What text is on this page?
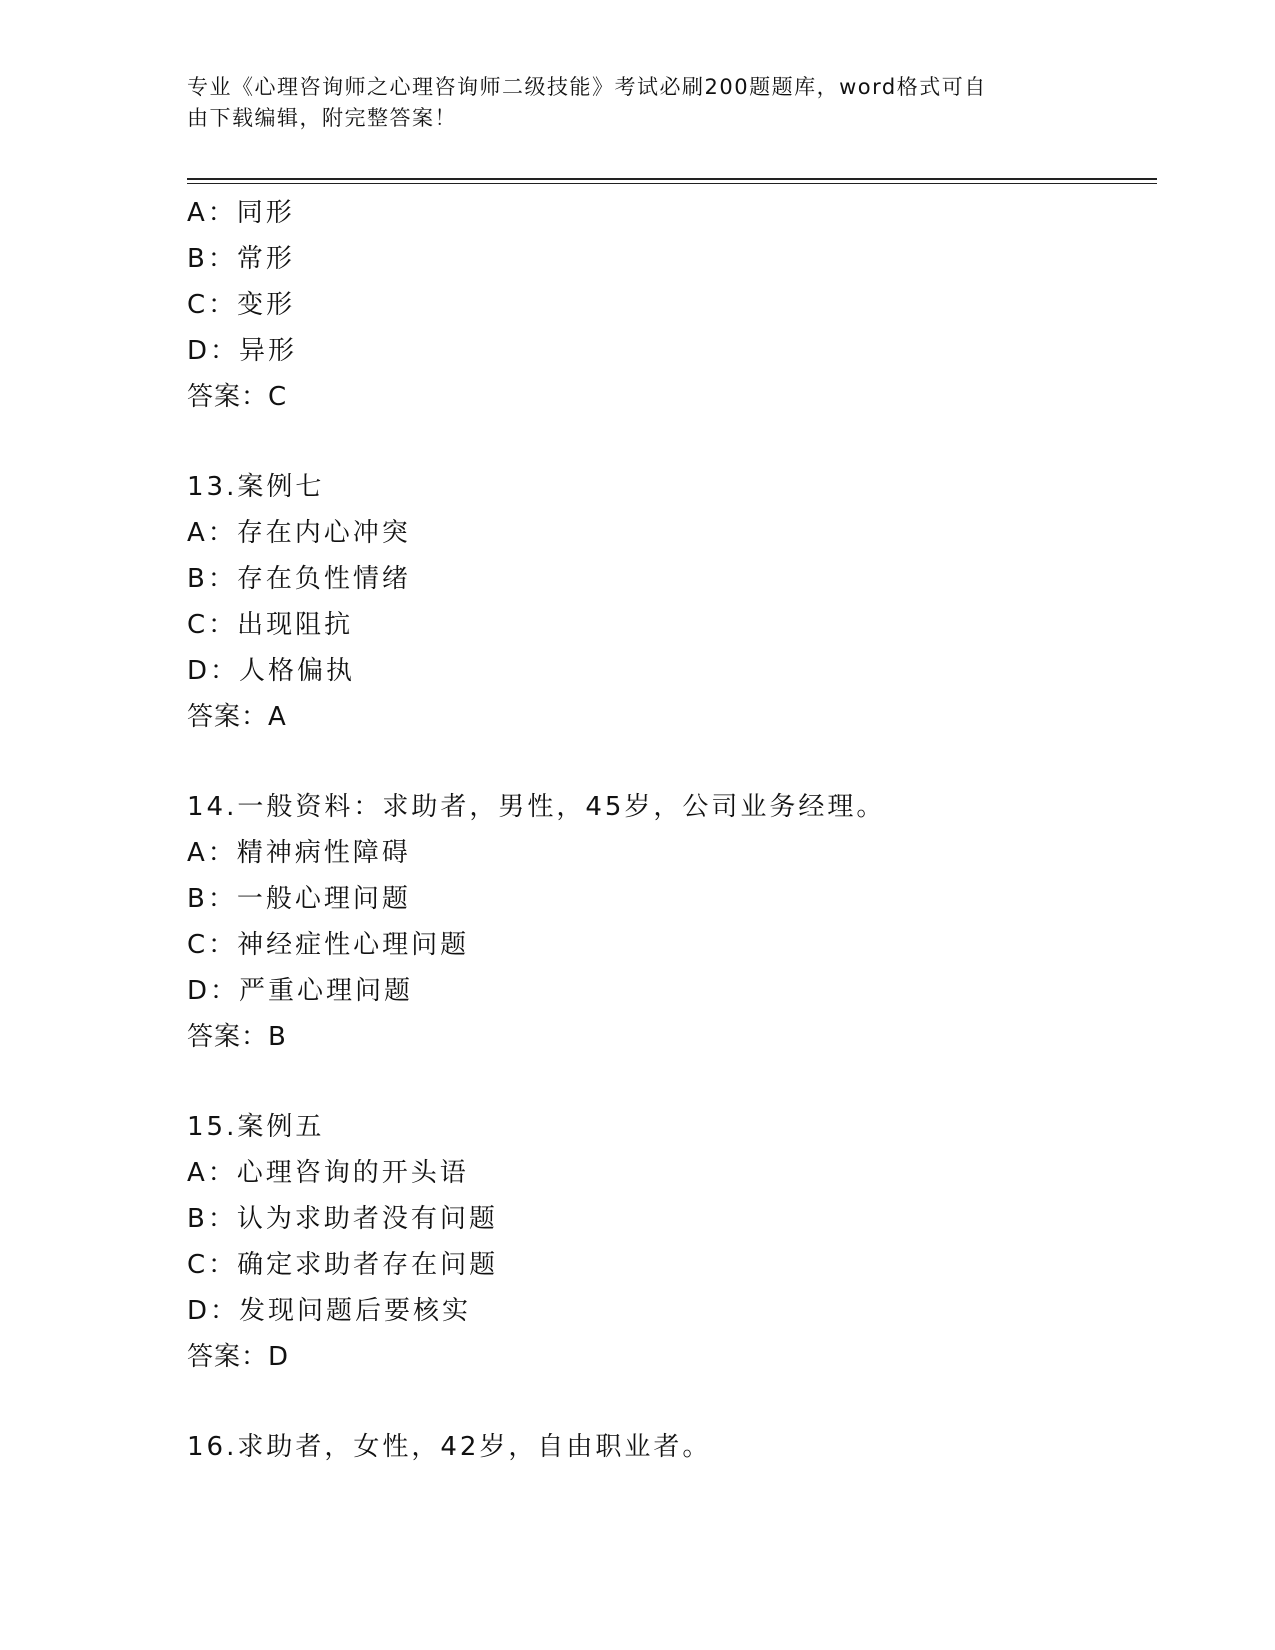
专业《心理咨询师之心理咨询师二级技能》考试必刷200题题库，word格式可自
由下载编辑，附完整答案！
A：同形
B：常形
C：变形
D：异形
答案：C
13.案例七
A：存在内心冲突
B：存在负性情绪
C：出现阻抗
D：人格偏执
答案：A
14.一般资料：求助者，男性，45岁，公司业务经理。
A：精神病性障碍
B：一般心理问题
C：神经症性心理问题
D：严重心理问题
答案：B
15.案例五
A：心理咨询的开头语
B：认为求助者没有问题
C：确定求助者存在问题
D：发现问题后要核实
答案：D
16.求助者，女性，42岁，自由职业者。
